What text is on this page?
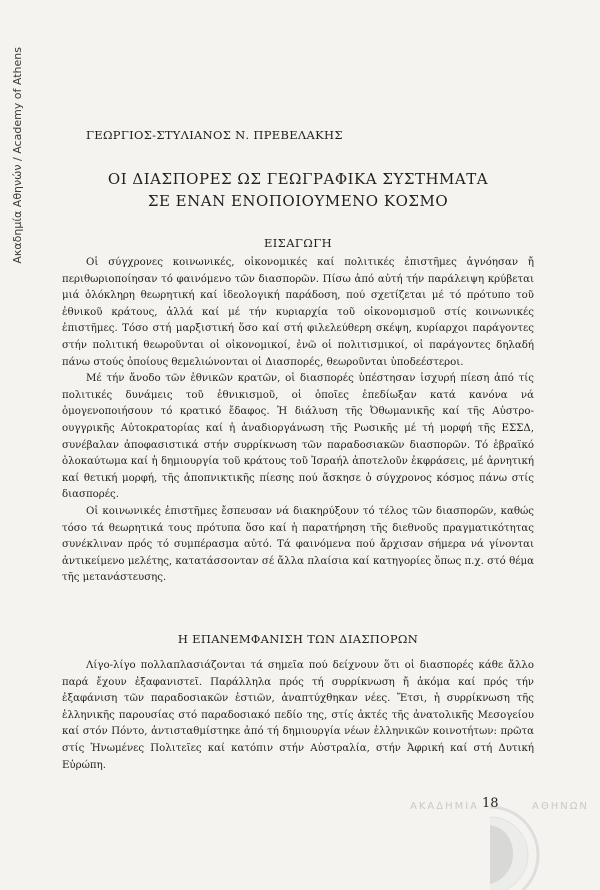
Ακαδημία Αθηνών / Academy of Athens	ΓΕΩΡΓΙΟΣ-ΣΤΥΛΙΑΝΟΣ Ν. ΠΡΕΒΕΛΑΚΗΣ
ΟΙ ΔΙΑΣΠΟΡΕΣ ΩΣ ΓΕΩΓΡΑΦΙΚΑ ΣΥΣΤΗΜΑΤΑ
ΣΕ ΕΝΑΝ ΕΝΟΠΟΙΟΥΜΕΝΟ ΚΟΣΜΟ
ΕΙΣΑΓΩΓΗ

Οἱ σύγχρονες κοινωνικές, οἰκονομικές καί πολιτικές ἐπιστῆμες ἀγνόησαν ἤ περιθωριοποίησαν τό φαινόμενο τῶν διασπορῶν. Πίσω ἀπό αὐτή τήν παράλειψη κρύβεται μιά ὁλόκληρη θεωρητική καί ἰδεολογική παράδοση, πού σχετίζεται μέ τό πρότυπο τοῦ ἐθνικοῦ κράτους, ἀλλά καί μέ τήν κυριαρχία τοῦ οἰκονομισμοῦ στίς κοινωνικές ἐπιστῆμες. Τόσο στή μαρξιστική ὅσο καί στή φιλελεύθερη σκέψη, κυρίαρχοι παράγοντες στήν πολιτική θεωροῦνται οἱ οἰκονομικοί, ἐνῶ οἱ πολιτισμικοί, οἱ παράγοντες δηλαδή πάνω στούς ὁποίους θεμελιώνονται οἱ Διασπορές, θεωροῦνται ὑποδεέστεροι.

Μέ τήν ἄνοδο τῶν ἐθνικῶν κρατῶν, οἱ διασπορές ὑπέστησαν ἰσχυρή πίεση ἀπό τίς πολιτικές δυνάμεις τοῦ ἐθνικισμοῦ, οἱ ὁποῖες ἐπεδίωξαν κατά κανόνα νά ὁμογενοποιήσουν τό κρατικό ἔδαφος. Ἡ διάλυση τῆς Ὀθωμανικῆς καί τῆς Αὐστρο-ουγγρικῆς Αὐτοκρατορίας καί ἡ ἀναδιοργάνωση τῆς Ρωσικῆς μέ τή μορφή τῆς ΕΣΣΔ, συνέβαλαν ἀποφασιστικά στήν συρρίκνωση τῶν παραδοσιακῶν διασπορῶν. Τό ἑβραϊκό ὁλοκαύτωμα καί ἡ δημιουργία τοῦ κράτους τοῦ Ἰσραήλ ἀποτελοῦν ἐκφράσεις, μέ ἀρνητική καί θετική μορφή, τῆς ἀποπνικτικῆς πίεσης πού ἄσκησε ὁ σύγχρονος κόσμος πάνω στίς διασπορές.

Οἱ κοινωνικές ἐπιστῆμες ἔσπευσαν νά διακηρύξουν τό τέλος τῶν διασπορῶν, καθώς τόσο τά θεωρητικά τους πρότυπα ὅσο καί ἡ παρατήρηση τῆς διεθνοῦς πραγματικότητας συνέκλιναν πρός τό συμπέρασμα αὐτό. Τά φαινόμενα πού ἄρχισαν σήμερα νά γίνονται ἀντικείμενο μελέτης, κατατάσσονταν σέ ἄλλα πλαίσια καί κατηγορίες ὅπως π.χ. στό θέμα τῆς μετανάστευσης.

Η ΕΠΑΝΕΜΦΑΝΙΣΗ ΤΩΝ ΔΙΑΣΠΟΡΩΝ

Λίγο-λίγο πολλαπλασιάζονται τά σημεῖα πού δείχνουν ὅτι οἱ διασπορές κάθε ἄλλο παρά ἔχουν ἐξαφανιστεῖ. Παράλληλα πρός τή συρρίκνωση ἤ ἀκόμα καί πρός τήν ἐξαφάνιση τῶν παραδοσιακῶν ἑστιῶν, ἀναπτύχθηκαν νέες. Ἔτσι, ἡ συρρίκνωση τῆς ἑλληνικῆς παρουσίας στό παραδοσιακό πεδίο της, στίς ἀκτές τῆς ἀνατολικῆς Μεσογείου καί στόν Πόντο, ἀντισταθμίστηκε ἀπό τή δημιουργία νέων ἑλληνικῶν κοινοτήτων: πρῶτα στίς Ἡνωμένες Πολιτεῖες καί κατόπιν στήν Αὐστραλία, στήν Ἀφρική καί στή Δυτική Εὐρώπη.

ΑΚΑΔΗΜΙΑ	ΑΘΗΝΩΝ
18
